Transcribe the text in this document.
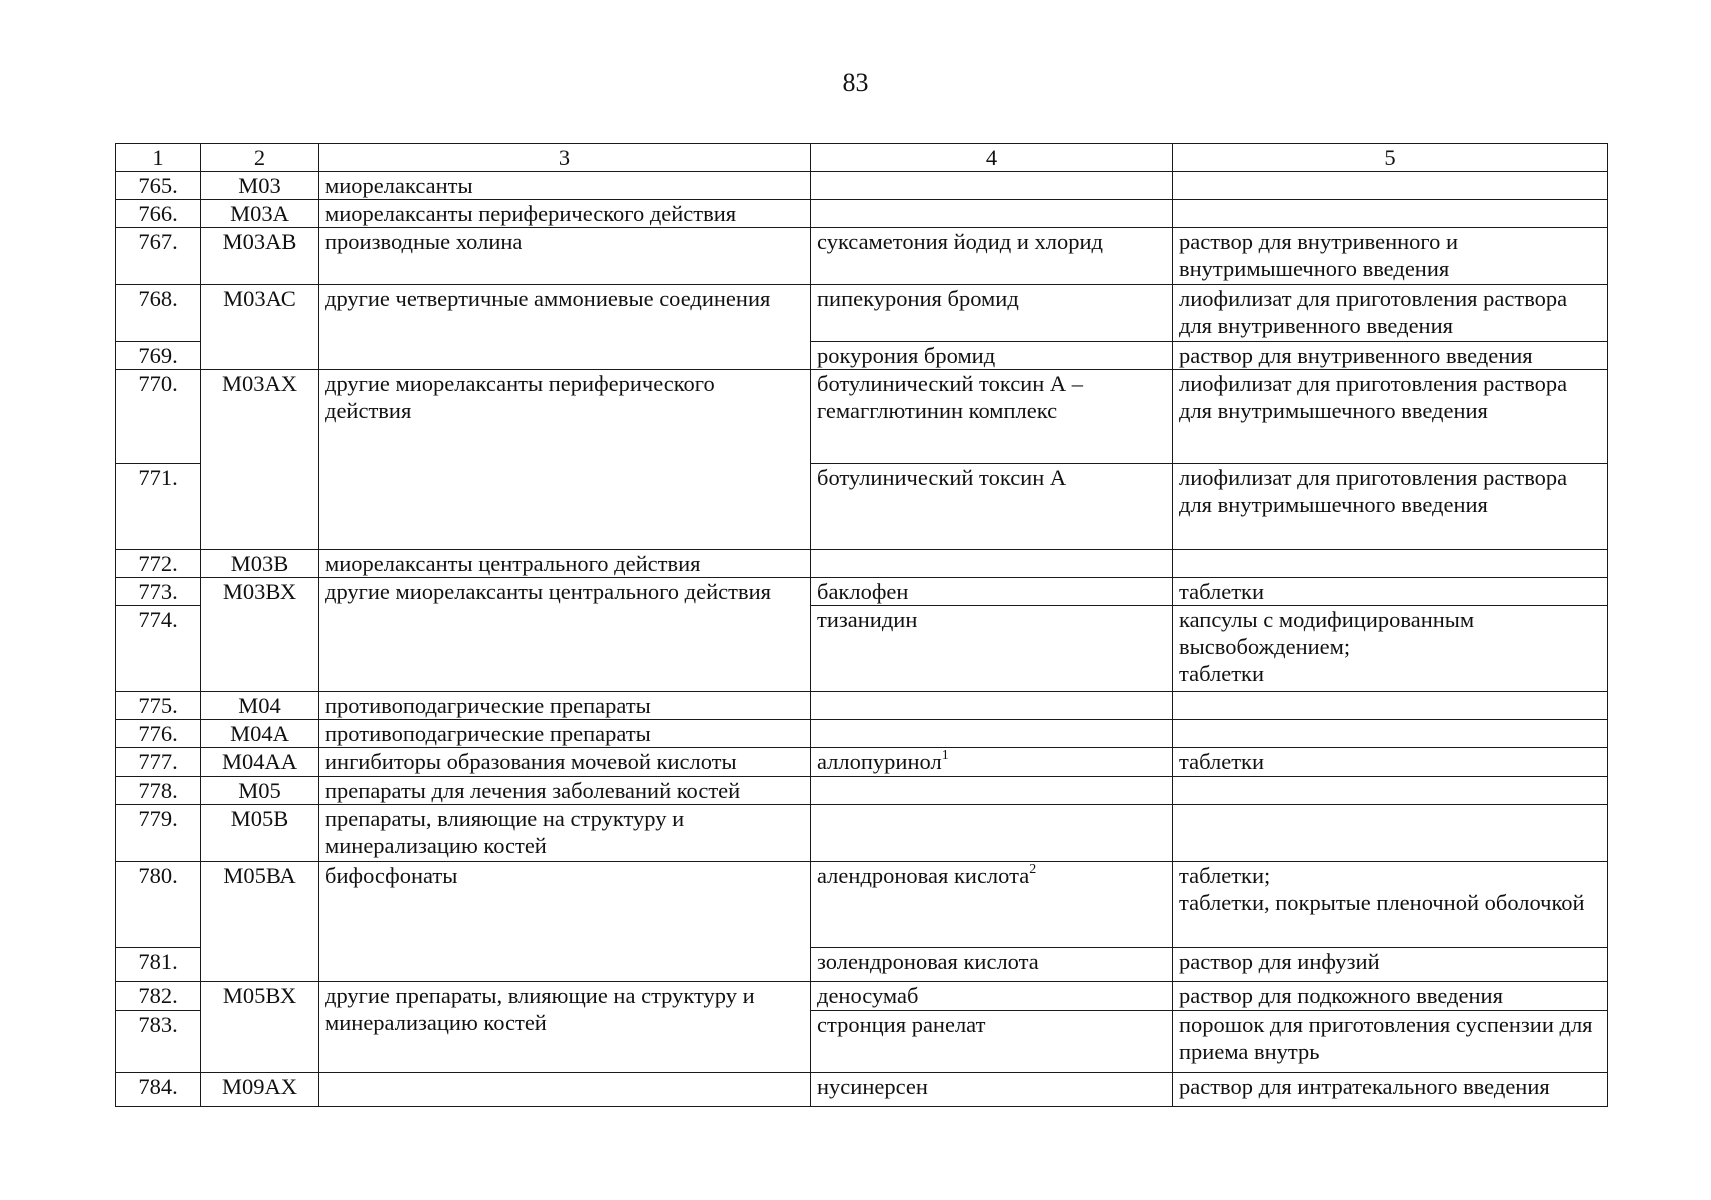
83
1	2	3	4	5
765.	М03	миорелаксанты		
766.	М03А	миорелаксанты периферического действия		
767.	М03АВ	производные холина	суксаметония йодид и хлорид	раствор для внутривенного и внутримышечного введения

768.	М03АС	другие четвертичные аммониевые соединения	пипекурония бромид	лиофилизат для приготовления раствора для внутривенного введения

769.			рокурония бромид	раствор для внутривенного введения

770.	М03АХ	другие миорелаксанты периферического действия	ботулинический токсин А – гемагглютинин комплекс	лиофилизат для приготовления раствора для внутримышечного введения

771.			ботулинический токсин А	лиофилизат для приготовления раствора для внутримышечного введения

772.	М03В	миорелаксанты центрального действия		
773.	М03ВХ	другие миорелаксанты центрального действия	баклофен	таблетки

774.			тизанидин	капсулы с модифицированным высвобождением;
таблетки

775.	М04	противоподагрические препараты		
776.	М04А	противоподагрические препараты		
777.	М04АА	ингибиторы образования мочевой кислоты	аллопуринол$^1$	таблетки

778.	М05	препараты для лечения заболеваний костей		
779.	М05В	препараты, влияющие на структуру и минерализацию костей		
780.	М05ВА	бифосфонаты	алендроновая кислота$^2$	таблетки;
таблетки, покрытые пленочной оболочкой

781.			золендроновая кислота	раствор для инфузий

782.	М05ВХ	другие препараты, влияющие на структуру и минерализацию костей	деносумаб	раствор для подкожного введения

783.			стронция ранелат	порошок для приготовления суспензии для приема внутрь

784.	М09АХ		нусинерсен	раствор для интратекального введения
